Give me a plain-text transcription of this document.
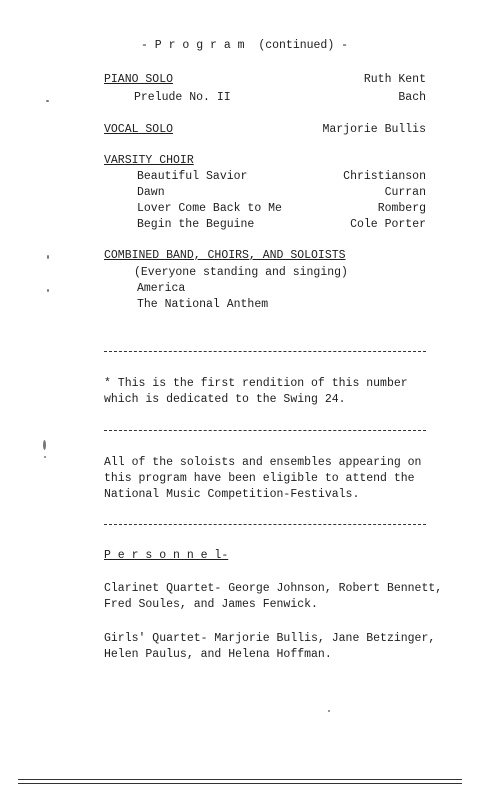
- P r o g r a m  (continued) -
PIANO SOLO	Ruth Kent
Prelude No. II	Bach
VOCAL SOLO	Marjorie Bullis
VARSITY CHOIR
Beautiful Savior	Christianson
Dawn	Curran
Lover Come Back to Me	Romberg
Begin the Beguine	Cole Porter
COMBINED BAND, CHOIRS, AND SOLOISTS
(Everyone standing and singing)
America
The National Anthem
* This is the first rendition of this number
which is dedicated to the Swing 24.
All of the soloists and ensembles appearing on
this program have been eligible to attend the
National Music Competition-Festivals.
P e r s o n n e l-
Clarinet Quartet- George Johnson, Robert Bennett,
Fred Soules, and James Fenwick.
Girls' Quartet- Marjorie Bullis, Jane Betzinger,
Helen Paulus, and Helena Hoffman.
